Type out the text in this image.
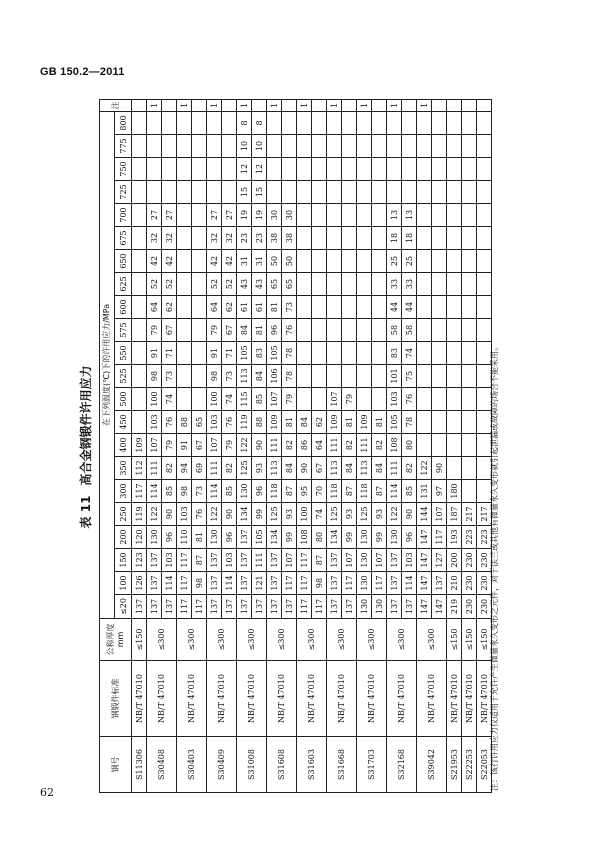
GB 150.2—2011
表 11高合金钢锻件许用应力
钢号	钢锻件标准	公称厚度 mm	在下列温度(℃)下的许用应力/MPa																						注
			≤20	100	150	200	250	300	350	400	450	500	525	550	575	600	625	650	675	700	725	750	775	800	
S11306	NB/T 47010	≤150	137	126	123	120	119	117	112	109															
S30408	NB/T 47010	≤300	137	137	137	130	122	114	111	107	103	100	98	91	79	64	52	42	32	27					1
			137	114	103	96	90	85	82	79	76	74	73	71	67	62	52	42	32	27					
S30403	NB/T 47010	≤300	117	117	117	110	103	98	94	91	88														1
			117	98	87	81	76	73	69	67	65														
S30409	NB/T 47010	≤300	137	137	137	130	122	114	111	107	103	100	98	91	79	64	52	42	32	27					1
			137	114	103	96	90	85	82	79	76	74	73	71	67	62	52	42	32	27					
S31008	NB/T 47010	≤300	137	137	137	137	134	130	125	122	119	115	113	105	84	61	43	31	23	19	15	12	10	8	1
			137	121	111	105	99	96	93	90	88	85	84	83	81	61	43	31	23	19	15	12	10	8	
S31608	NB/T 47010	≤300	137	137	137	134	125	118	113	111	109	107	106	105	96	81	65	50	38	30					1
			137	117	107	99	93	87	84	82	81	79	78	78	76	73	65	50	38	30					
S31603	NB/T 47010	≤300	117	117	117	108	100	95	90	86	84														1
			117	98	87	80	74	70	67	64	62														
S31668	NB/T 47010	≤300	137	137	137	134	125	118	113	111	109	107													1
			137	117	107	99	93	87	84	82	81	79													
S31703	NB/T 47010	≤300	130	130	130	130	125	118	113	111	109														1
			130	117	107	99	93	87	84	82	81														
S32168	NB/T 47010	≤300	137	137	137	130	122	114	111	108	105	103	101	83	58	44	33	25	18	13					1
			137	114	103	96	90	85	82	80	78	76	75	74	58	44	33	25	18	13					
S39042	NB/T 47010	≤300	147	147	147	147	144	131	122																1
			147	137	127	117	107	97	90																
S21953	NB/T 47010	≤150	219	210	200	193	187	180																	
S22253	NB/T 47010	≤150	230	230	230	223	217																		
S22053	NB/T 47010	≤150	230	230	230	223	217																		注：该行许用应力仅适用于允许产生微量永久变形之元件，对于法兰或其他有微量永久变形就引起泄漏或故障的场合不能采用。
62
